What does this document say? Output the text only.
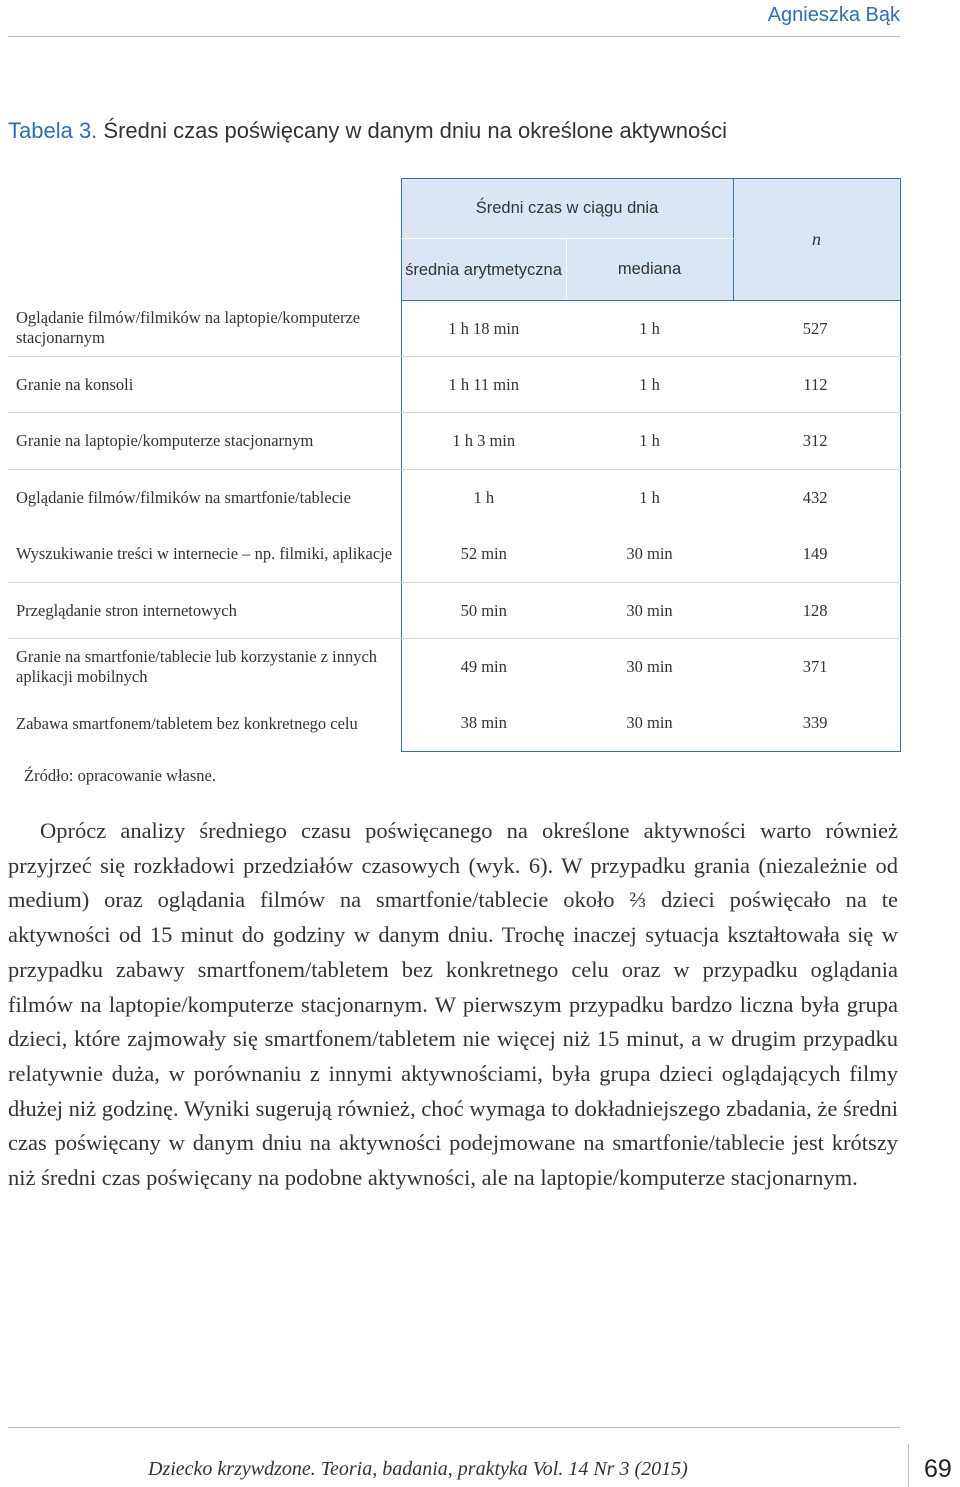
Agnieszka Bąk
Tabela 3. Średni czas poświęcany w danym dniu na określone aktywności
	Średni czas w ciągu dnia		n
	średnia arytmetyczna	mediana	
Oglądanie filmów/filmików na laptopie/komputerze stacjonarnym	1 h 18 min	1 h	527
Granie na konsoli	1 h 11 min	1 h	112
Granie na laptopie/komputerze stacjonarnym	1 h 3 min	1 h	312
Oglądanie filmów/filmików na smartfonie/tablecie	1 h	1 h	432
Wyszukiwanie treści w internecie – np. filmiki, aplikacje	52 min	30 min	149
Przeglądanie stron internetowych	50 min	30 min	128
Granie na smartfonie/tablecie lub korzystanie z innych aplikacji mobilnych	49 min	30 min	371
Zabawa smartfonem/tabletem bez konkretnego celu	38 min	30 min	339
Źródło: opracowanie własne.

Oprócz analizy średniego czasu poświęcanego na określone aktywności warto również przyjrzeć się rozkładowi przedziałów czasowych (wyk. 6). W przypadku grania (niezależnie od medium) oraz oglądania filmów na smartfonie/tablecie około ⅔ dzieci poświęcało na te aktywności od 15 minut do godziny w danym dniu. Trochę inaczej sytuacja kształtowała się w przypadku zabawy smartfonem/tabletem bez konkretnego celu oraz w przypadku oglądania filmów na laptopie/komputerze stacjonarnym. W pierwszym przypadku bardzo liczna była grupa dzieci, które zajmowały się smartfonem/tabletem nie więcej niż 15 minut, a w drugim przypadku relatywnie duża, w porównaniu z innymi aktywnościami, była grupa dzieci oglądających filmy dłużej niż godzinę. Wyniki sugerują również, choć wymaga to dokładniejszego zbadania, że średni czas poświęcany w danym dniu na aktywności podejmowane na smartfonie/tablecie jest krótszy niż średni czas poświęcany na podobne aktywności, ale na laptopie/komputerze stacjonarnym.

Dziecko krzywdzone. Teoria, badania, praktyka Vol. 14 Nr 3 (2015)	69
